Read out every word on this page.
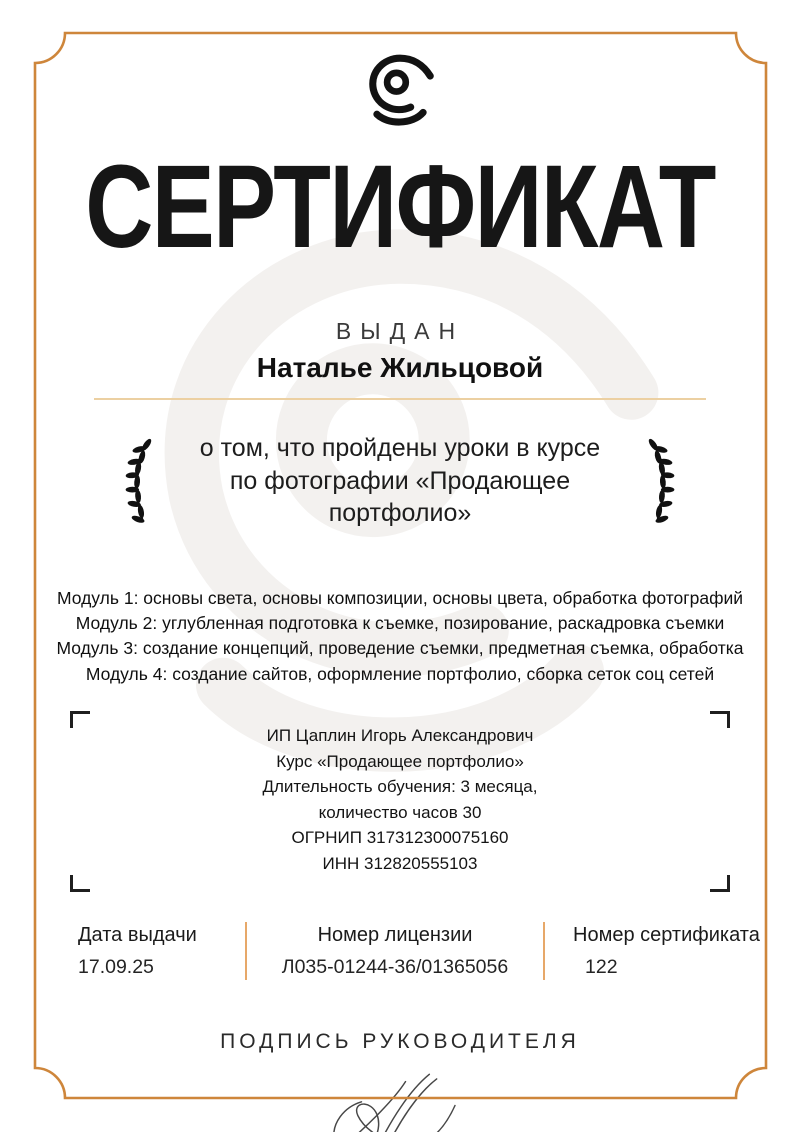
СЕРТИФИКАТ
ВЫДАН
Наталье Жильцовой
о том, что пройдены уроки в курсе
по фотографии «Продающее
портфолио»
Модуль 1: основы света, основы композиции, основы цвета, обработка фотографий
Модуль 2: углубленная подготовка к съемке, позирование, раскадровка съемки
Модуль 3: создание концепций, проведение съемки, предметная съемка, обработка
Модуль 4: создание сайтов, оформление портфолио, сборка сеток соц сетей
ИП Цаплин Игорь Александрович
Курс «Продающее портфолио»
Длительность обучения: 3 месяца,
количество часов 30
ОГРНИП 317312300075160
ИНН 312820555103
Дата выдачи
17.09.25
Номер лицензии
Л035-01244-36/01365056
Номер сертификата
122
ПОДПИСЬ РУКОВОДИТЕЛЯ
